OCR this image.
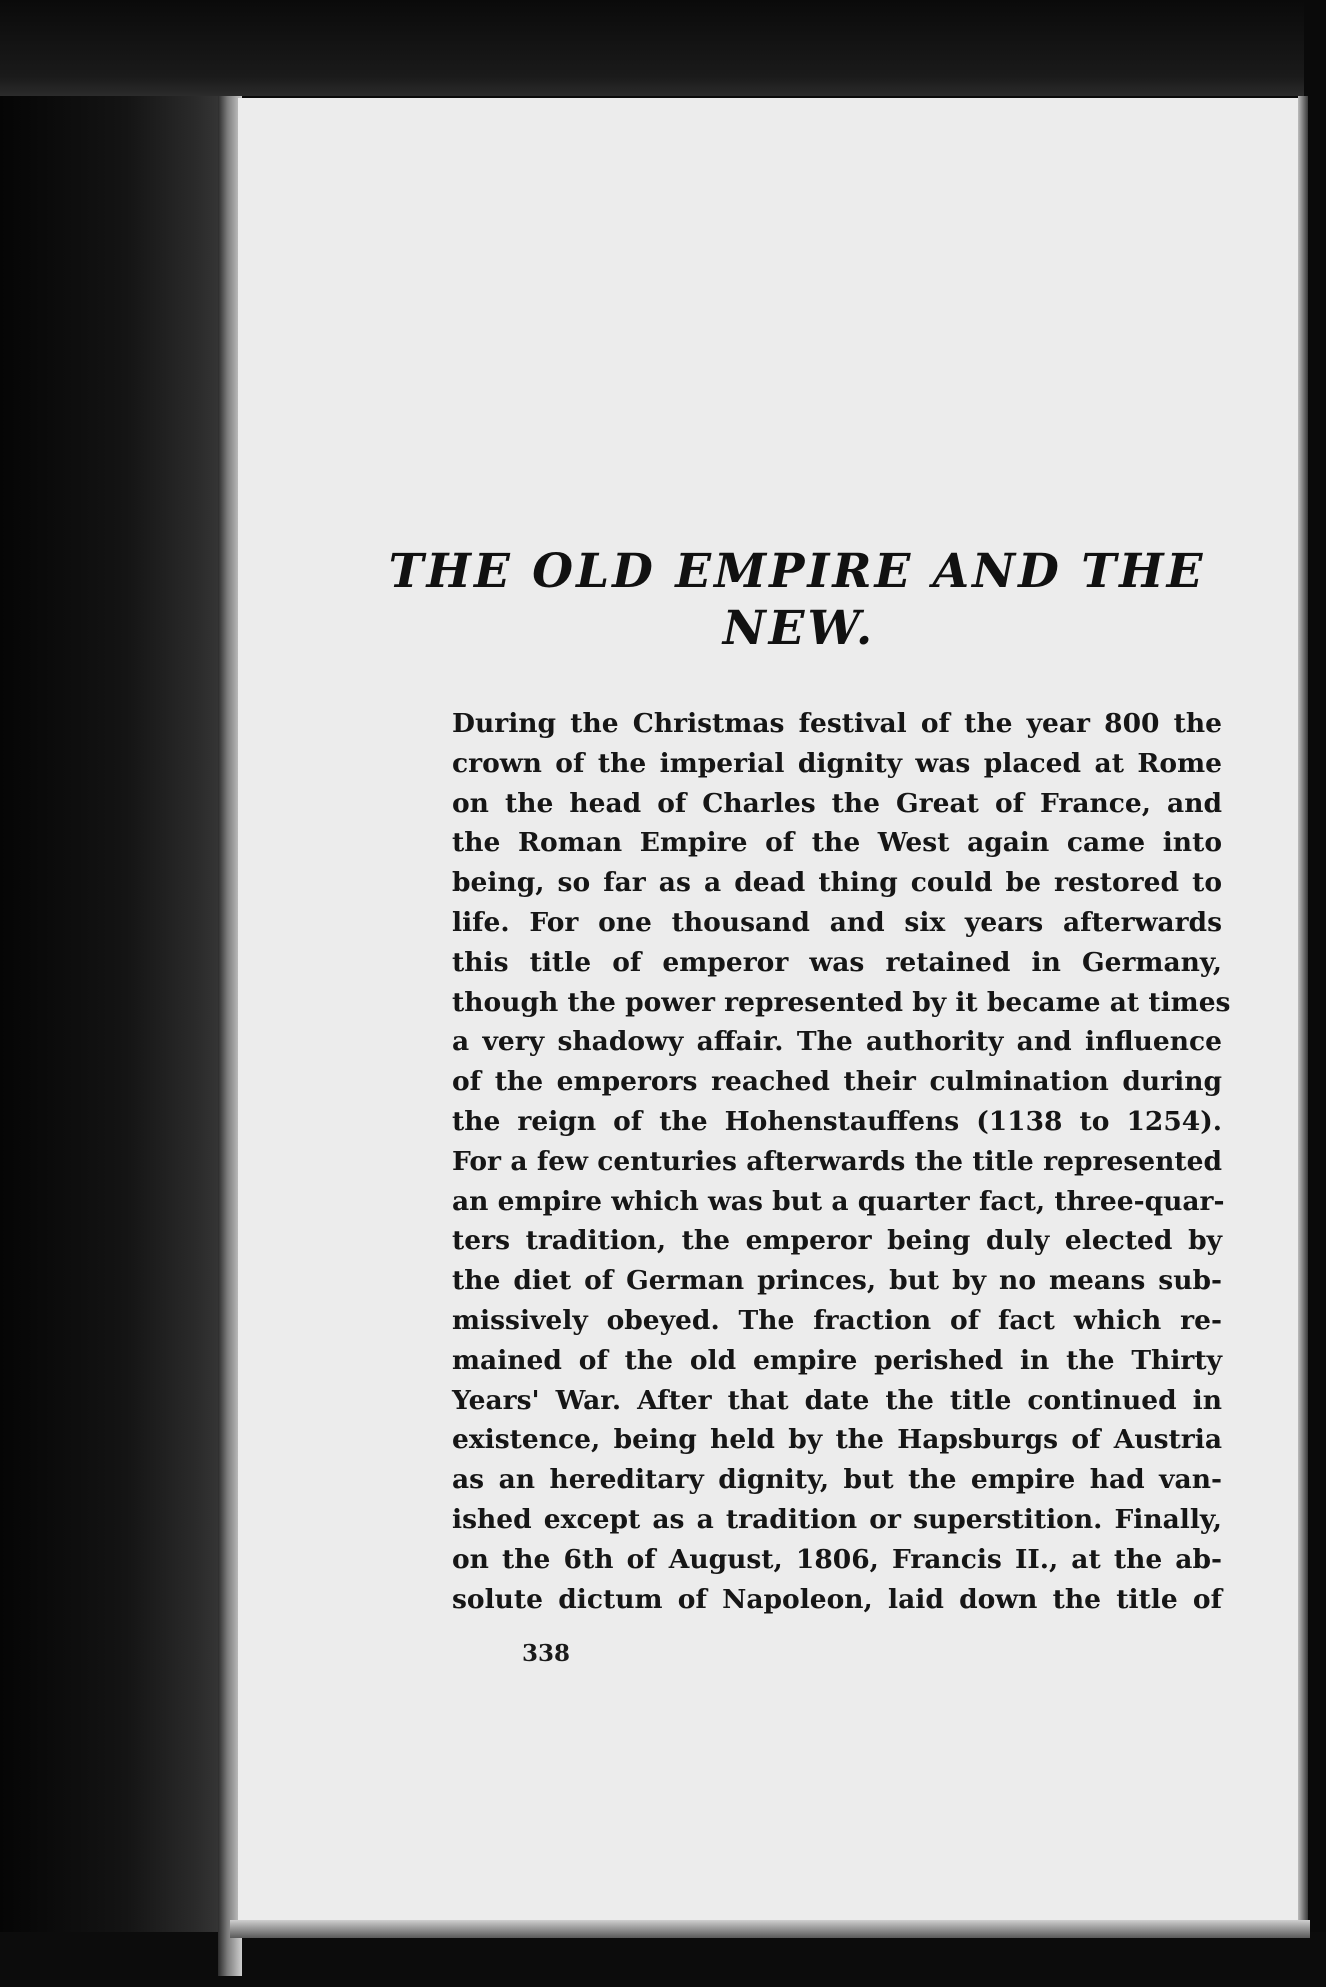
THE OLD EMPIRE AND THE
NEW.
During the Christmas festival of the year 800 the
crown of the imperial dignity was placed at Rome
on the head of Charles the Great of France, and
the Roman Empire of the West again came into
being, so far as a dead thing could be restored to
life. For one thousand and six years afterwards
this title of emperor was retained in Germany,
though the power represented by it became at times
a very shadowy affair. The authority and influence
of the emperors reached their culmination during
the reign of the Hohenstauffens (1138 to 1254).
For a few centuries afterwards the title represented
an empire which was but a quarter fact, three-quar-
ters tradition, the emperor being duly elected by
the diet of German princes, but by no means sub-
missively obeyed. The fraction of fact which re-
mained of the old empire perished in the Thirty
Years' War. After that date the title continued in
existence, being held by the Hapsburgs of Austria
as an hereditary dignity, but the empire had van-
ished except as a tradition or superstition. Finally,
on the 6th of August, 1806, Francis II., at the ab-
solute dictum of Napoleon, laid down the title of

338
